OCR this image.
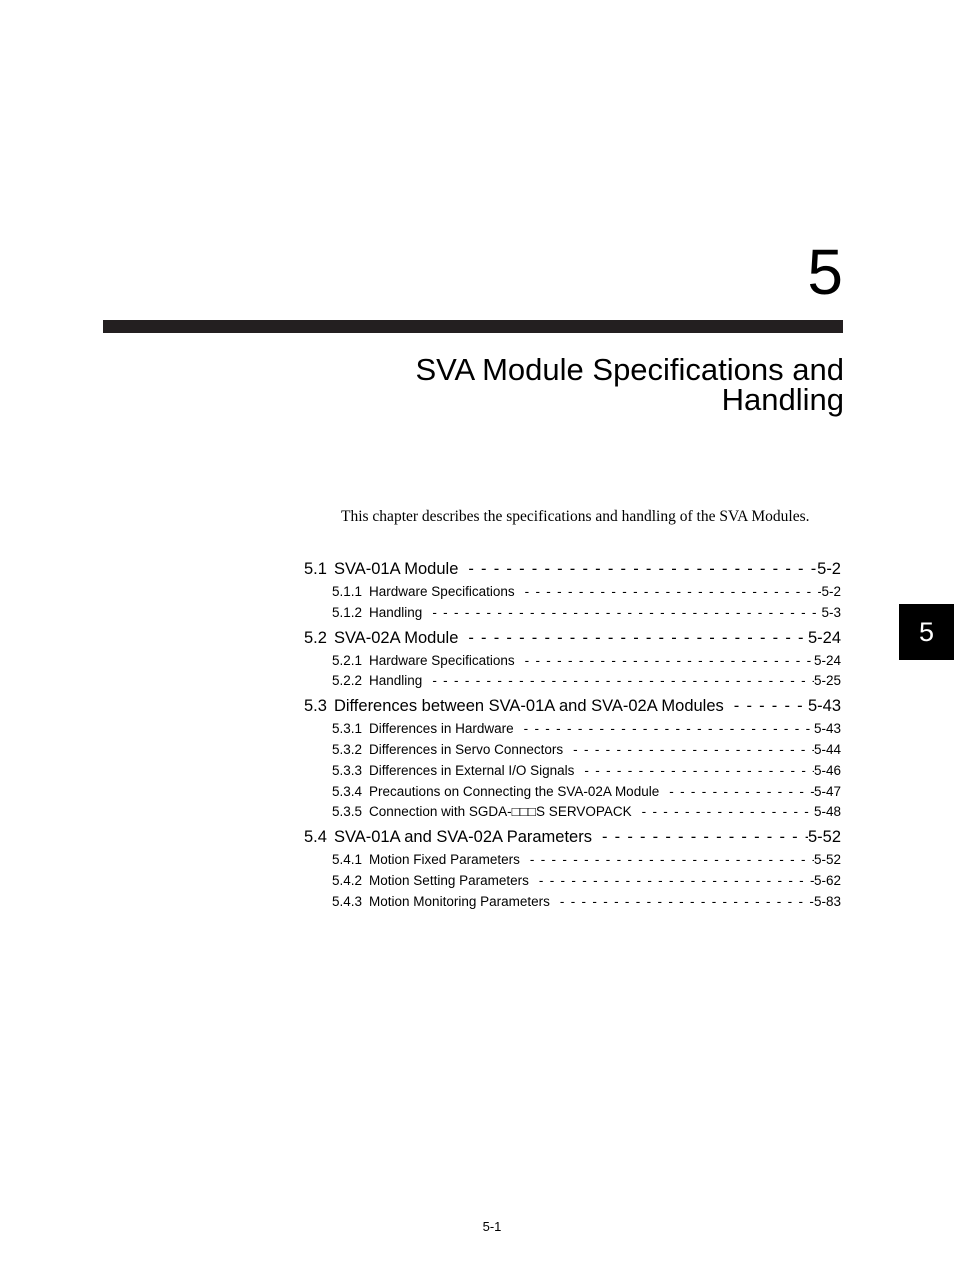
5
SVA Module Specifications and
Handling

This chapter describes the specifications and handling of the SVA Modules.

5.1 SVA-01A Module - - -	5-2
5.1.1 Hardware Specifications - - -	5-2
5.1.2 Handling - - -	5-3
5.2 SVA-02A Module - - -	5-24
5.2.1 Hardware Specifications - - -	5-24
5.2.2 Handling - - -	5-25
5.3 Differences between SVA-01A and SVA-02A Modules - - -	5-43
5.3.1 Differences in Hardware - - -	5-43
5.3.2 Differences in Servo Connectors - - -	5-44
5.3.3 Differences in External I/O Signals - - -	5-46
5.3.4 Precautions on Connecting the SVA-02A Module - - -	5-47
5.3.5 Connection with SGDA-□□□S SERVOPACK - - -	5-48
5.4 SVA-01A and SVA-02A Parameters - - -	5-52
5.4.1 Motion Fixed Parameters - - -	5-52
5.4.2 Motion Setting Parameters - - -	5-62
5.4.3 Motion Monitoring Parameters - - -	5-83
5
5-1
